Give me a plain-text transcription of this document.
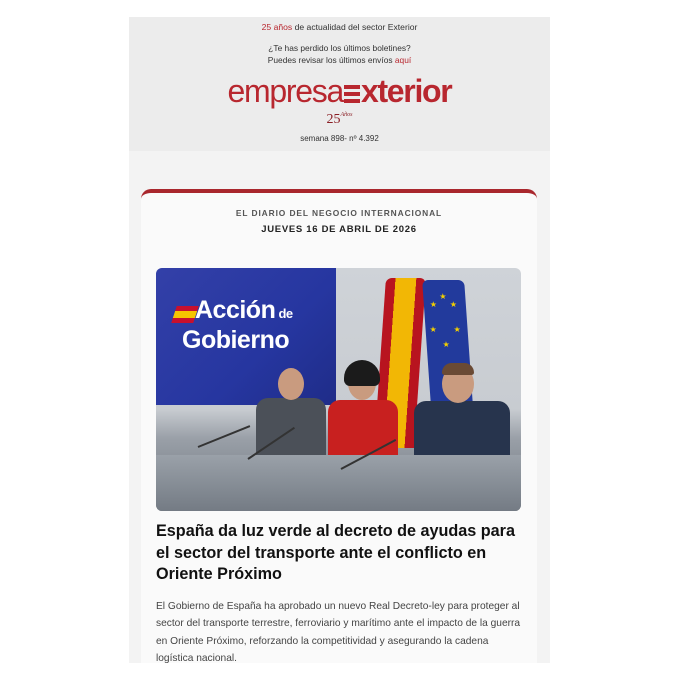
25 años de actualidad del sector Exterior
¿Te has perdido los últimos boletines?
Puedes revisar los últimos envíos aquí
empresa xterior
$25^{Años}$
semana 898- nº 4.392
EL DIARIO DEL NEGOCIO INTERNACIONAL
JUEVES 16 DE ABRIL DE 2026
Acción de
Gobierno
★ ★
★
★
★ ★
España da luz verde al decreto de ayudas para el sector del transporte ante el conflicto en Oriente Próximo
El Gobierno de España ha aprobado un nuevo Real Decreto-ley para proteger al sector del transporte terrestre, ferroviario y marítimo ante el impacto de la guerra en Oriente Próximo, reforzando la competitividad y asegurando la cadena logística nacional.
